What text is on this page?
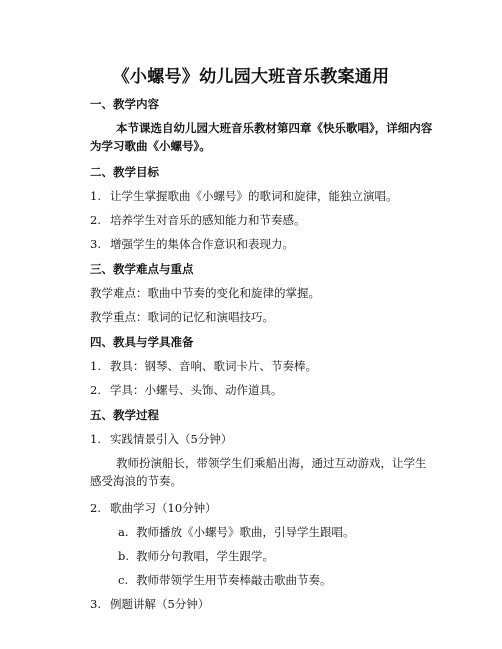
《小螺号》幼儿园大班音乐教案通用
一、教学内容
本节课选自幼儿园大班音乐教材第四章《快乐歌唱》，详细内容
为学习歌曲《小螺号》。
二、教学目标
1. 让学生掌握歌曲《小螺号》的歌词和旋律，能独立演唱。
2. 培养学生对音乐的感知能力和节奏感。
3. 增强学生的集体合作意识和表现力。
三、教学难点与重点
教学难点：歌曲中节奏的变化和旋律的掌握。
教学重点：歌词的记忆和演唱技巧。
四、教具与学具准备
1. 教具：钢琴、音响、歌词卡片、节奏棒。
2. 学具：小螺号、头饰、动作道具。
五、教学过程
1. 实践情景引入（5分钟）
教师扮演船长，带领学生们乘船出海，通过互动游戏，让学生
感受海浪的节奏。
2. 歌曲学习（10分钟）
a. 教师播放《小螺号》歌曲，引导学生跟唱。
b. 教师分句教唱，学生跟学。
c. 教师带领学生用节奏棒敲击歌曲节奏。
3. 例题讲解（5分钟）
